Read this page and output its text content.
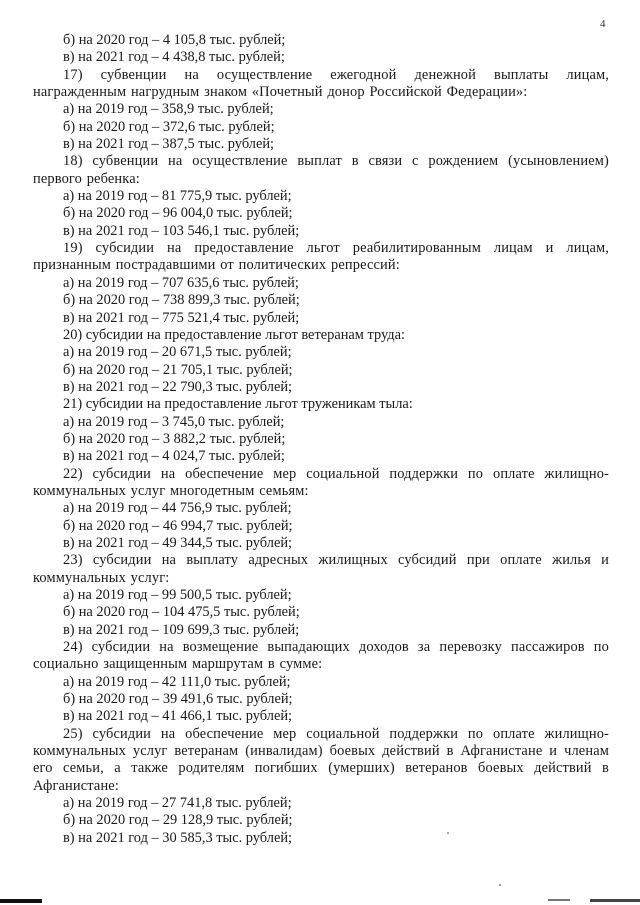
4
б) на 2020 год – 4 105,8 тыс. рублей;
в) на 2021 год – 4 438,8 тыс. рублей;
17) субвенции на осуществление ежегодной денежной выплаты лицам, награжденным нагрудным знаком «Почетный донор Российской Федерации»:
а) на 2019 год – 358,9 тыс. рублей;
б) на 2020 год – 372,6 тыс. рублей;
в) на 2021 год – 387,5 тыс. рублей;
18) субвенции на осуществление выплат в связи с рождением (усыновлением) первого ребенка:
а) на 2019 год – 81 775,9 тыс. рублей;
б) на 2020 год – 96 004,0 тыс. рублей;
в) на 2021 год – 103 546,1 тыс. рублей;
19) субсидии на предоставление льгот реабилитированным лицам и лицам, признанным пострадавшими от политических репрессий:
а) на 2019 год – 707 635,6 тыс. рублей;
б) на 2020 год – 738 899,3 тыс. рублей;
в) на 2021 год – 775 521,4 тыс. рублей;
20) субсидии на предоставление льгот ветеранам труда:
а) на 2019 год – 20 671,5 тыс. рублей;
б) на 2020 год – 21 705,1 тыс. рублей;
в) на 2021 год – 22 790,3 тыс. рублей;
21) субсидии на предоставление льгот труженикам тыла:
а) на 2019 год – 3 745,0 тыс. рублей;
б) на 2020 год – 3 882,2 тыс. рублей;
в) на 2021 год – 4 024,7 тыс. рублей;
22) субсидии на обеспечение мер социальной поддержки по оплате жилищно-коммунальных услуг многодетным семьям:
а) на 2019 год – 44 756,9 тыс. рублей;
б) на 2020 год – 46 994,7 тыс. рублей;
в) на 2021 год – 49 344,5 тыс. рублей;
23) субсидии на выплату адресных жилищных субсидий при оплате жилья и коммунальных услуг:
а) на 2019 год – 99 500,5 тыс. рублей;
б) на 2020 год – 104 475,5 тыс. рублей;
в) на 2021 год – 109 699,3 тыс. рублей;
24) субсидии на возмещение выпадающих доходов за перевозку пассажиров по социально защищенным маршрутам в сумме:
а) на 2019 год – 42 111,0 тыс. рублей;
б) на 2020 год – 39 491,6 тыс. рублей;
в) на 2021 год – 41 466,1 тыс. рублей;
25) субсидии на обеспечение мер социальной поддержки по оплате жилищно-коммунальных услуг ветеранам (инвалидам) боевых действий в Афганистане и членам его семьи, а также родителям погибших (умерших) ветеранов боевых действий в Афганистане:
а) на 2019 год – 27 741,8 тыс. рублей;
б) на 2020 год – 29 128,9 тыс. рублей;
в) на 2021 год – 30 585,3 тыс. рублей;
